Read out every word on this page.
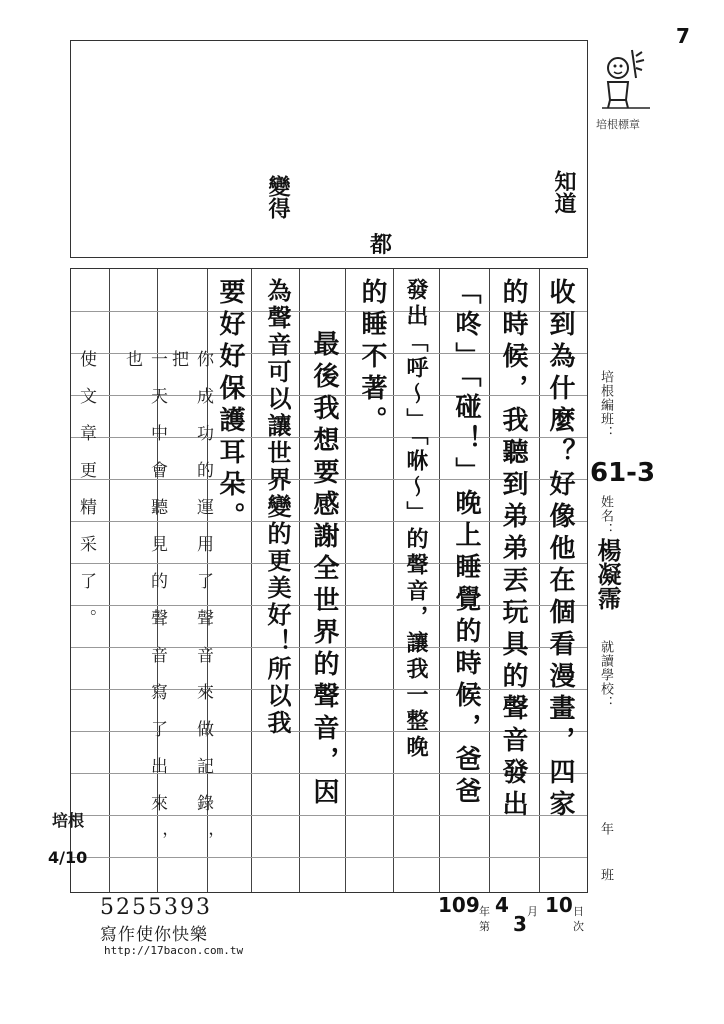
7
培根標章
變得
都
知道
收到為什麼？好像他在個看漫畫，四家
的時候，我聽到弟弟丟玩具的聲音發出
「咚」「碰！」晚上睡覺的時候，爸爸
發出「呼～」「咻～」的聲音，讓我一整晚
的睡不著。
最後我想要感謝全世界的聲音，因
為聲音可以讓世界變的更美好！所以我
要好好保護耳朵。
你成功的運用了聲音來做記錄，把
一天中會聽見的聲音寫了出來，也
使文章更精采了。	培根編班：
61-3
姓名：
楊凝霈
就讀學校：
年
班
培根
4/10
109 年 4 月 10 日
第 3	次
5255393
寫作使你快樂
http://17bacon.com.tw
